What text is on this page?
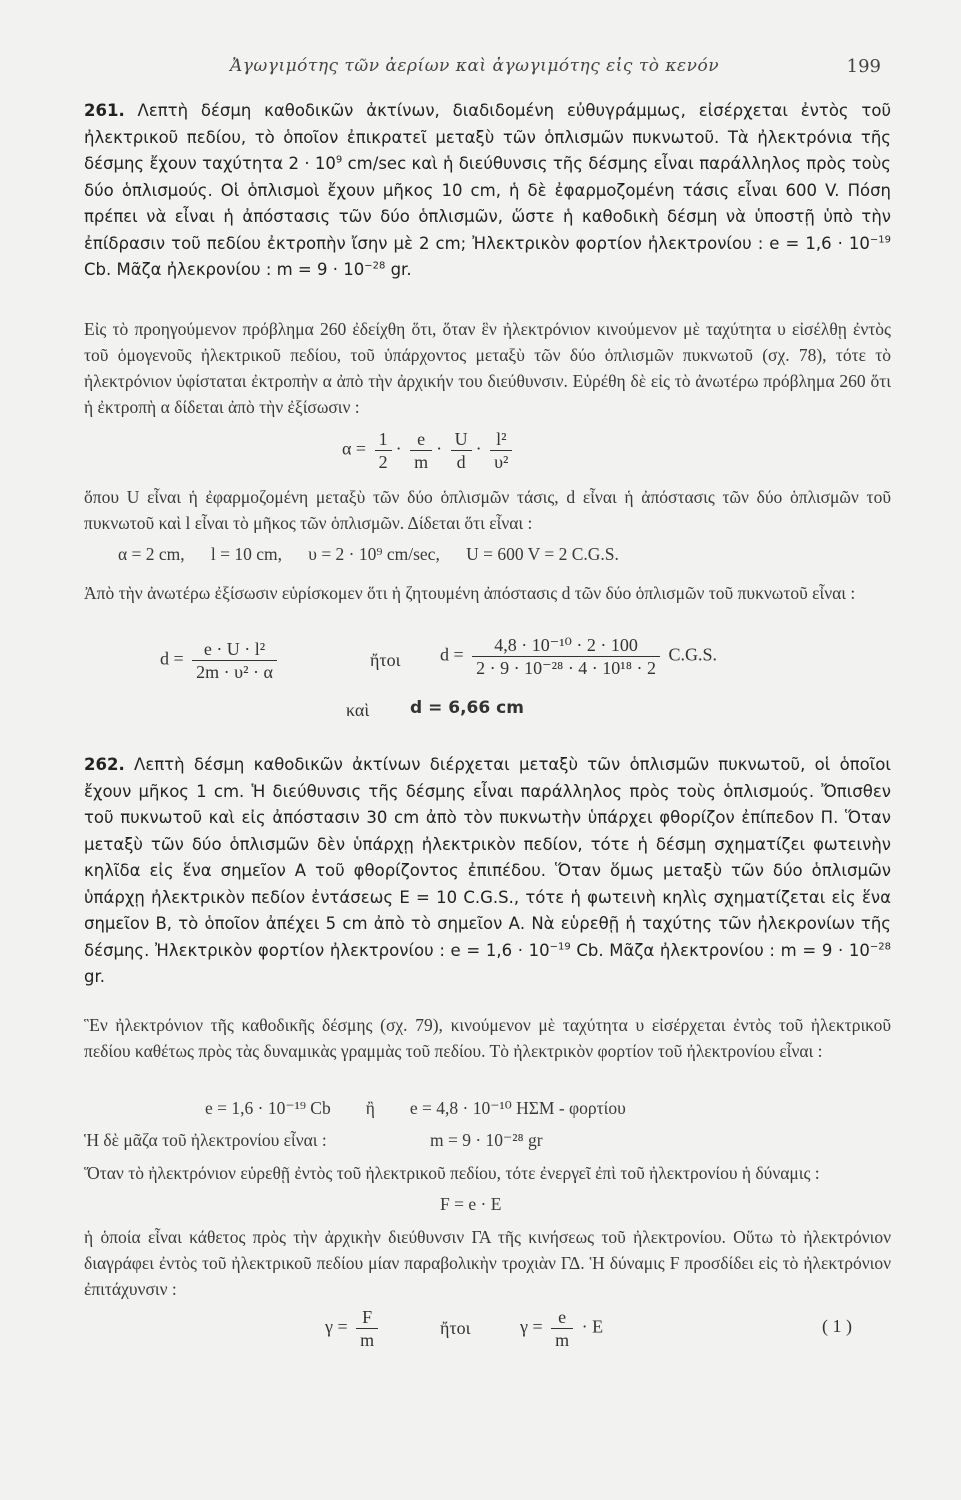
Ἀγωγιμότης τῶν ἀερίων καὶ ἀγωγιμότης εἰς τὸ κενόν	199
261. Λεπτὴ δέσμη καθοδικῶν ἀκτίνων, διαδιδομένη εὐθυγράμμως, εἰσέρχεται ἐντὸς τοῦ ἠλεκτρικοῦ πεδίου, τὸ ὁποῖον ἐπικρατεῖ μεταξὺ τῶν ὁπλισμῶν πυκνωτοῦ. Τὰ ἠλεκτρόνια τῆς δέσμης ἔχουν ταχύτητα $2 \cdot 10^9$ cm/sec καὶ ἡ διεύθυνσις τῆς δέσμης εἶναι παράλληλος πρὸς τοὺς δύο ὁπλισμούς. Οἱ ὁπλισμοὶ ἔχουν μῆκος 10 cm, ἡ δὲ ἐφαρμοζομένη τάσις εἶναι 600 V. Πόση πρέπει νὰ εἶναι ἡ ἀπόστασις τῶν δύο ὁπλισμῶν, ὥστε ἡ καθοδικὴ δέσμη νὰ ὑποστῇ ὑπὸ τὴν ἐπίδρασιν τοῦ πεδίου ἐκτροπὴν ἴσην μὲ 2 cm; Ἠλεκτρικὸν φορτίον ἠλεκτρονίου : $e = 1,6 \cdot 10^{-19}$ Cb. Μᾶζα ἠλεκρονίου : $m = 9 \cdot 10^{-28}$ gr.
Εἰς τὸ προηγούμενον πρόβλημα 260 ἐδείχθη ὅτι, ὅταν ἓν ἠλεκτρόνιον κινούμενον μὲ ταχύτητα υ εἰσέλθῃ ἐντὸς τοῦ ὁμογενοῦς ἠλεκτρικοῦ πεδίου, τοῦ ὑπάρχοντος μεταξὺ τῶν δύο ὁπλισμῶν πυκνωτοῦ (σχ. 78), τότε τὸ ἠλεκτρόνιον ὑφίσταται ἐκτροπὴν α ἀπὸ τὴν ἀρχικήν του διεύθυνσιν. Εὑρέθη δὲ εἰς τὸ ἀνωτέρω πρόβλημα 260 ὅτι ἡ ἐκτροπὴ α δίδεται ἀπὸ τὴν ἐξίσωσιν :
$\alpha = \frac{1}{2} \cdot \frac{e}{m} \cdot \frac{U}{d} \cdot \frac{\text{l²}}{\text{υ²}}$
ὅπου U εἶναι ἡ ἐφαρμοζομένη μεταξὺ τῶν δύο ὁπλισμῶν τάσις, d εἶναι ἡ ἀπόστασις τῶν δύο ὁπλισμῶν τοῦ πυκνωτοῦ καὶ l εἶναι τὸ μῆκος τῶν ὁπλισμῶν. Δίδεται ὅτι εἶναι :
α = 2 cm,      l = 10 cm,      υ = 2 · 10⁹ cm/sec,      U = 600 V = 2 C.G.S.
Ἀπὸ τὴν ἀνωτέρω ἐξίσωσιν εὑρίσκομεν ὅτι ἡ ζητουμένη ἀπόστασις d τῶν δύο ὁπλισμῶν τοῦ πυκνωτοῦ εἶναι :
$d = \frac{\text{e · U · l²}}{\text{2m · υ² · α}}$	ἤτοι $d = \frac{\text{4,8 · 10⁻¹⁰ · 2 · 100}}{\text{2 · 9 · 10⁻²⁸ · 4 · 10¹⁸ · 2}} C.G.S$.
καὶ d = 6,66 cm
262. Λεπτὴ δέσμη καθοδικῶν ἀκτίνων διέρχεται μεταξὺ τῶν ὁπλισμῶν πυκνωτοῦ, οἱ ὁποῖοι ἔχουν μῆκος 1 cm. Ἡ διεύθυνσις τῆς δέσμης εἶναι παράλληλος πρὸς τοὺς ὁπλισμούς. Ὄπισθεν τοῦ πυκνωτοῦ καὶ εἰς ἀπόστασιν 30 cm ἀπὸ τὸν πυκνωτὴν ὑπάρχει φθορίζον ἐπίπεδον Π. Ὅταν μεταξὺ τῶν δύο ὁπλισμῶν δὲν ὑπάρχῃ ἠλεκτρικὸν πεδίον, τότε ἡ δέσμη σχηματίζει φωτεινὴν κηλῖδα εἰς ἕνα σημεῖον Α τοῦ φθορίζοντος ἐπιπέδου. Ὅταν ὅμως μεταξὺ τῶν δύο ὁπλισμῶν ὑπάρχῃ ἠλεκτρικὸν πεδίον ἐντάσεως E = 10 C.G.S., τότε ἡ φωτεινὴ κηλὶς σχηματίζεται εἰς ἕνα σημεῖον Β, τὸ ὁποῖον ἀπέχει 5 cm ἀπὸ τὸ σημεῖον Α. Νὰ εὑρεθῇ ἡ ταχύτης τῶν ἠλεκρονίων τῆς δέσμης. Ἠλεκτρικὸν φορτίον ἠλεκτρονίου : $e = 1,6 \cdot 10^{-19}$ Cb. Μᾶζα ἠλεκτρονίου : $m = 9 \cdot 10^{-28}$ gr.
Ἓν ἠλεκτρόνιον τῆς καθοδικῆς δέσμης (σχ. 79), κινούμενον μὲ ταχύτητα υ εἰσέρχεται ἐντὸς τοῦ ἠλεκτρικοῦ πεδίου καθέτως πρὸς τὰς δυναμικὰς γραμμὰς τοῦ πεδίου. Τὸ ἠλεκτρικὸν φορτίον τοῦ ἠλεκτρονίου εἶναι :
e = 1,6 · 10⁻¹⁹ Cb        ἢ        e = 4,8 · 10⁻¹⁰ ΗΣΜ - φορτίου
Ἡ δὲ μᾶζα τοῦ ἠλεκτρονίου εἶναι :	m = 9 · 10⁻²⁸ gr
Ὅταν τὸ ἠλεκτρόνιον εὑρεθῇ ἐντὸς τοῦ ἠλεκτρικοῦ πεδίου, τότε ἐνεργεῖ ἐπὶ τοῦ ἠλεκτρονίου ἡ δύναμις :
F = e · E
ἡ ὁποία εἶναι κάθετος πρὸς τὴν ἀρχικὴν διεύθυνσιν ΓΑ τῆς κινήσεως τοῦ ἠλεκτρονίου. Οὕτω τὸ ἠλεκτρόνιον διαγράφει ἐντὸς τοῦ ἠλεκτρικοῦ πεδίου μίαν παραβολικὴν τροχιὰν ΓΔ. Ἡ δύναμις F προσδίδει εἰς τὸ ἠλεκτρόνιον ἐπιτάχυνσιν :
$\gamma = \frac{F}{m}$	ἤτοι	$\gamma = \frac{e}{m} \cdot E$	( 1 )
